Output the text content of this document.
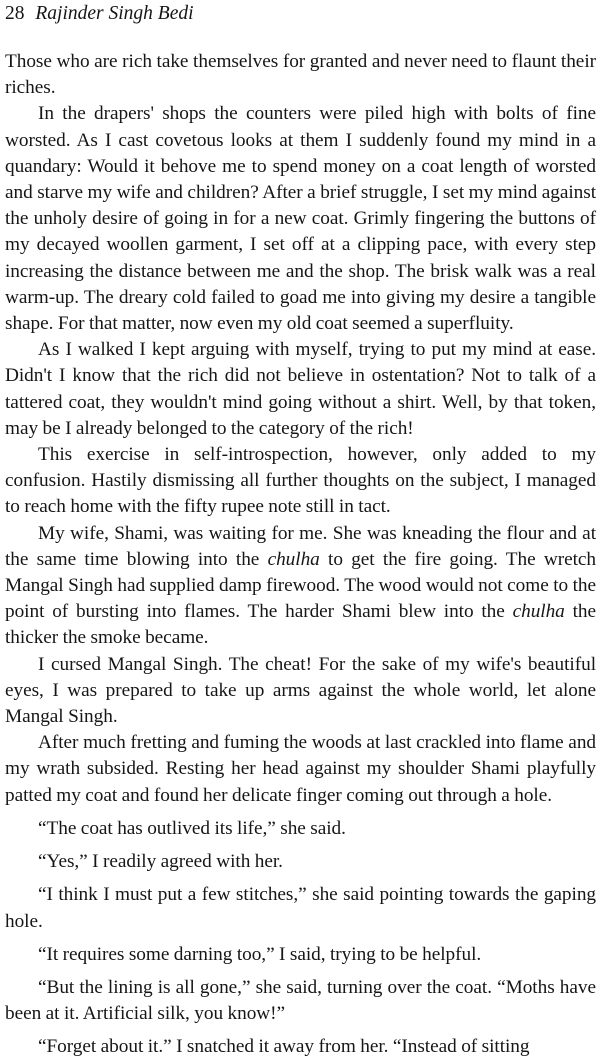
28 Rajinder Singh Bedi

Those who are rich take themselves for granted and never need to flaunt their riches.

In the drapers' shops the counters were piled high with bolts of fine worsted. As I cast covetous looks at them I suddenly found my mind in a quandary: Would it behove me to spend money on a coat length of worsted and starve my wife and children? After a brief struggle, I set my mind against the unholy desire of going in for a new coat. Grimly fingering the buttons of my decayed woollen garment, I set off at a clipping pace, with every step increasing the distance between me and the shop. The brisk walk was a real warm-up. The dreary cold failed to goad me into giving my desire a tangible shape. For that matter, now even my old coat seemed a superfluity.

As I walked I kept arguing with myself, trying to put my mind at ease. Didn't I know that the rich did not believe in ostentation? Not to talk of a tattered coat, they wouldn't mind going without a shirt. Well, by that token, may be I already belonged to the category of the rich!

This exercise in self-introspection, however, only added to my confusion. Hastily dismissing all further thoughts on the subject, I managed to reach home with the fifty rupee note still in tact.

My wife, Shami, was waiting for me. She was kneading the flour and at the same time blowing into the chulha to get the fire going. The wretch Mangal Singh had supplied damp firewood. The wood would not come to the point of bursting into flames. The harder Shami blew into the chulha the thicker the smoke became.

I cursed Mangal Singh. The cheat! For the sake of my wife's beautiful eyes, I was prepared to take up arms against the whole world, let alone Mangal Singh.

After much fretting and fuming the woods at last crackled into flame and my wrath subsided. Resting her head against my shoulder Shami playfully patted my coat and found her delicate finger coming out through a hole.

“The coat has outlived its life,” she said.

“Yes,” I readily agreed with her.

“I think I must put a few stitches,” she said pointing towards the gaping hole.

“It requires some darning too,” I said, trying to be helpful.

“But the lining is all gone,” she said, turning over the coat. “Moths have been at it. Artificial silk, you know!”

“Forget about it.” I snatched it away from her. “Instead of sitting
